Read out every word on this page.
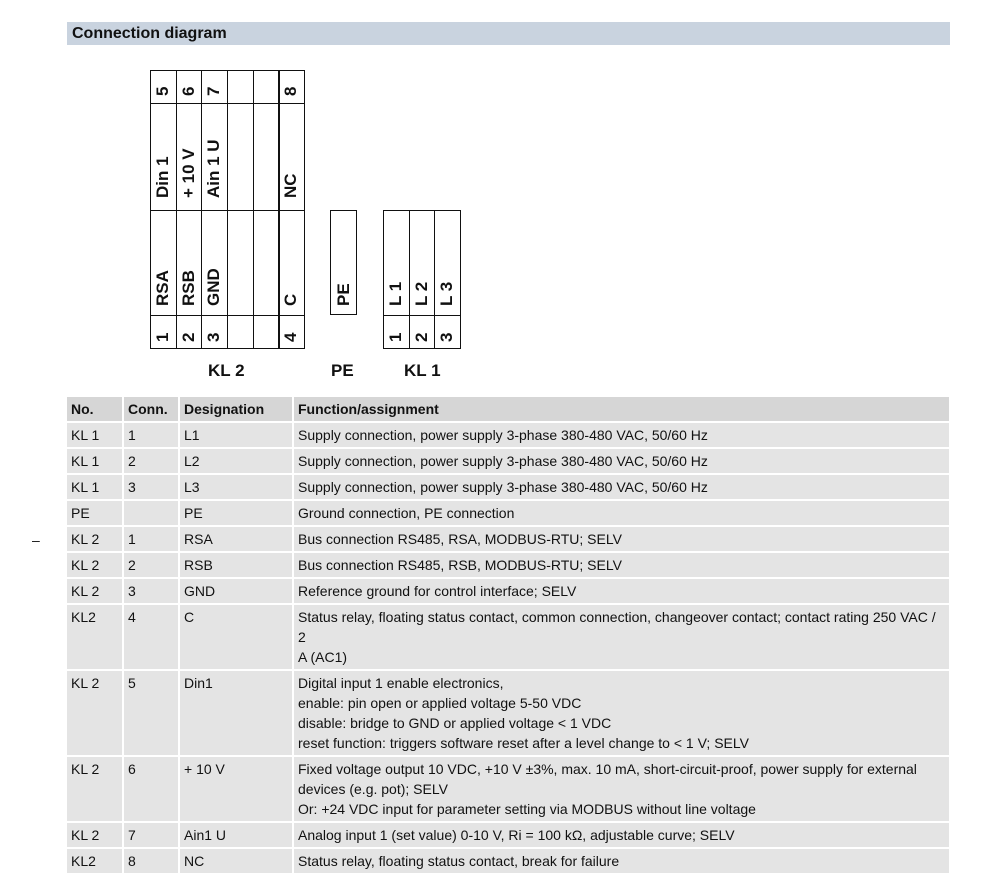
Connection diagram
–
5
Din 1
RSA
1
6
+ 10 V
RSB
2
7
Ain 1 U
GND
3
8
NC
C
4
KL 2
PE
PE
L 1
1
L 2
2
L 3
3
KL 1
No.	Conn.	Designation	Function/assignment
KL 1	1	L1	Supply connection, power supply 3-phase 380-480 VAC, 50/60 Hz

KL 1	2	L2	Supply connection, power supply 3-phase 380-480 VAC, 50/60 Hz

KL 1	3	L3	Supply connection, power supply 3-phase 380-480 VAC, 50/60 Hz

PE		PE	Ground connection, PE connection

KL 2	1	RSA	Bus connection RS485, RSA, MODBUS-RTU; SELV

KL 2	2	RSB	Bus connection RS485, RSB, MODBUS-RTU; SELV

KL 2	3	GND	Reference ground for control interface; SELV

KL2	4	C	Status relay, floating status contact, common connection, changeover contact; contact rating 250 VAC / 2
A (AC1)

KL 2	5	Din1	Digital input 1 enable electronics,
enable: pin open or applied voltage 5-50 VDC
disable: bridge to GND or applied voltage < 1 VDC
reset function: triggers software reset after a level change to < 1 V; SELV

KL 2	6	+ 10 V	Fixed voltage output 10 VDC, +10 V ±3%, max. 10 mA, short-circuit-proof, power supply for external
devices (e.g. pot); SELV
Or: +24 VDC input for parameter setting via MODBUS without line voltage

KL 2	7	Ain1 U	Analog input 1 (set value) 0-10 V, Ri = 100 kΩ, adjustable curve; SELV

KL2	8	NC	Status relay, floating status contact, break for failure
